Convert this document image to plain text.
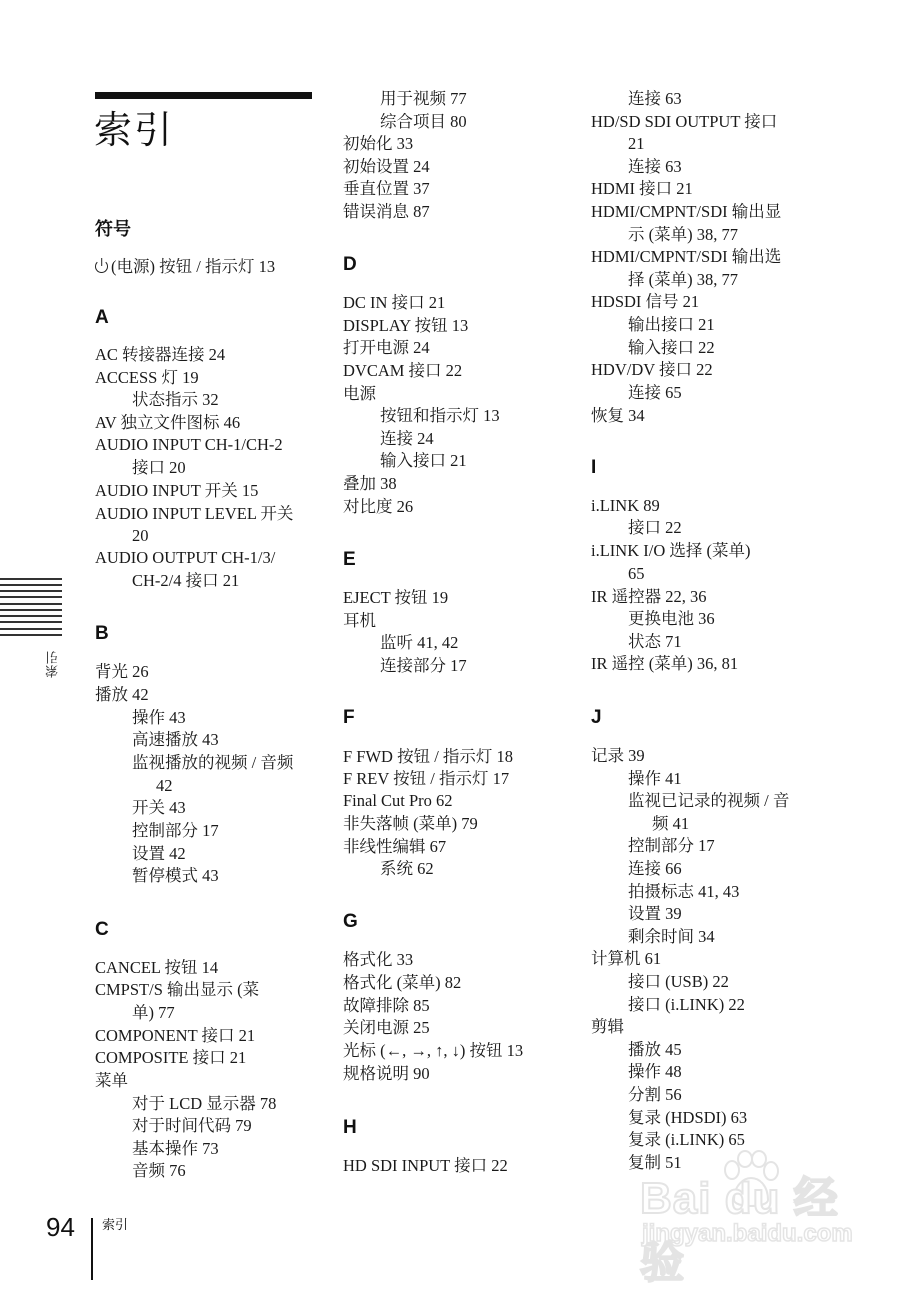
索引
符号
(电源) 按钮 / 指示灯 13
A
AC 转接器连接 24
ACCESS 灯 19
状态指示 32
AV 独立文件图标 46
AUDIO INPUT CH-1/CH-2
接口 20
AUDIO INPUT 开关 15
AUDIO INPUT LEVEL 开关
20
AUDIO OUTPUT CH-1/3/
CH-2/4 接口 21
B
背光 26
播放 42
操作 43
高速播放 43
监视播放的视频 / 音频
42
开关 43
控制部分 17
设置 42
暂停模式 43
C
CANCEL 按钮 14
CMPST/S 输出显示 (菜
单) 77
COMPONENT 接口 21
COMPOSITE 接口 21
菜单
对于 LCD 显示器 78
对于时间代码 79
基本操作 73
音频 76
用于视频 77
综合项目 80
初始化 33
初始设置 24
垂直位置 37
错误消息 87
D
DC IN 接口 21
DISPLAY 按钮 13
打开电源 24
DVCAM 接口 22
电源
按钮和指示灯 13
连接 24
输入接口 21
叠加 38
对比度 26
E
EJECT 按钮 19
耳机
监听 41, 42
连接部分 17
F
F FWD 按钮 / 指示灯 18
F REV 按钮 / 指示灯 17
Final Cut Pro 62
非失落帧 (菜单) 79
非线性编辑 67
系统 62
G
格式化 33
格式化 (菜单) 82
故障排除 85
关闭电源 25
光标 (←, →, ↑, ↓) 按钮 13
规格说明 90
H
HD SDI INPUT 接口 22
连接 63
HD/SD SDI OUTPUT 接口
21
连接 63
HDMI 接口 21
HDMI/CMPNT/SDI 输出显
示 (菜单) 38, 77
HDMI/CMPNT/SDI 输出选
择 (菜单) 38, 77
HDSDI 信号 21
输出接口 21
输入接口 22
HDV/DV 接口 22
连接 65
恢复 34
I
i.LINK 89
接口 22
i.LINK I/O 选择 (菜单)
65
IR 遥控器 22, 36
更换电池 36
状态 71
IR 遥控 (菜单) 36, 81
J
记录 39
操作 41
监视已记录的视频 / 音
频 41
控制部分 17
连接 66
拍摄标志 41, 43
设置 39
剩余时间 34
计算机 61
接口 (USB) 22
接口 (i.LINK) 22
剪辑
播放 45
操作 48
分割 56
复录 (HDSDI) 63
复录 (i.LINK) 65
复制 51
索引
94 索引
Bai du 经验
jingyan.baidu.com
